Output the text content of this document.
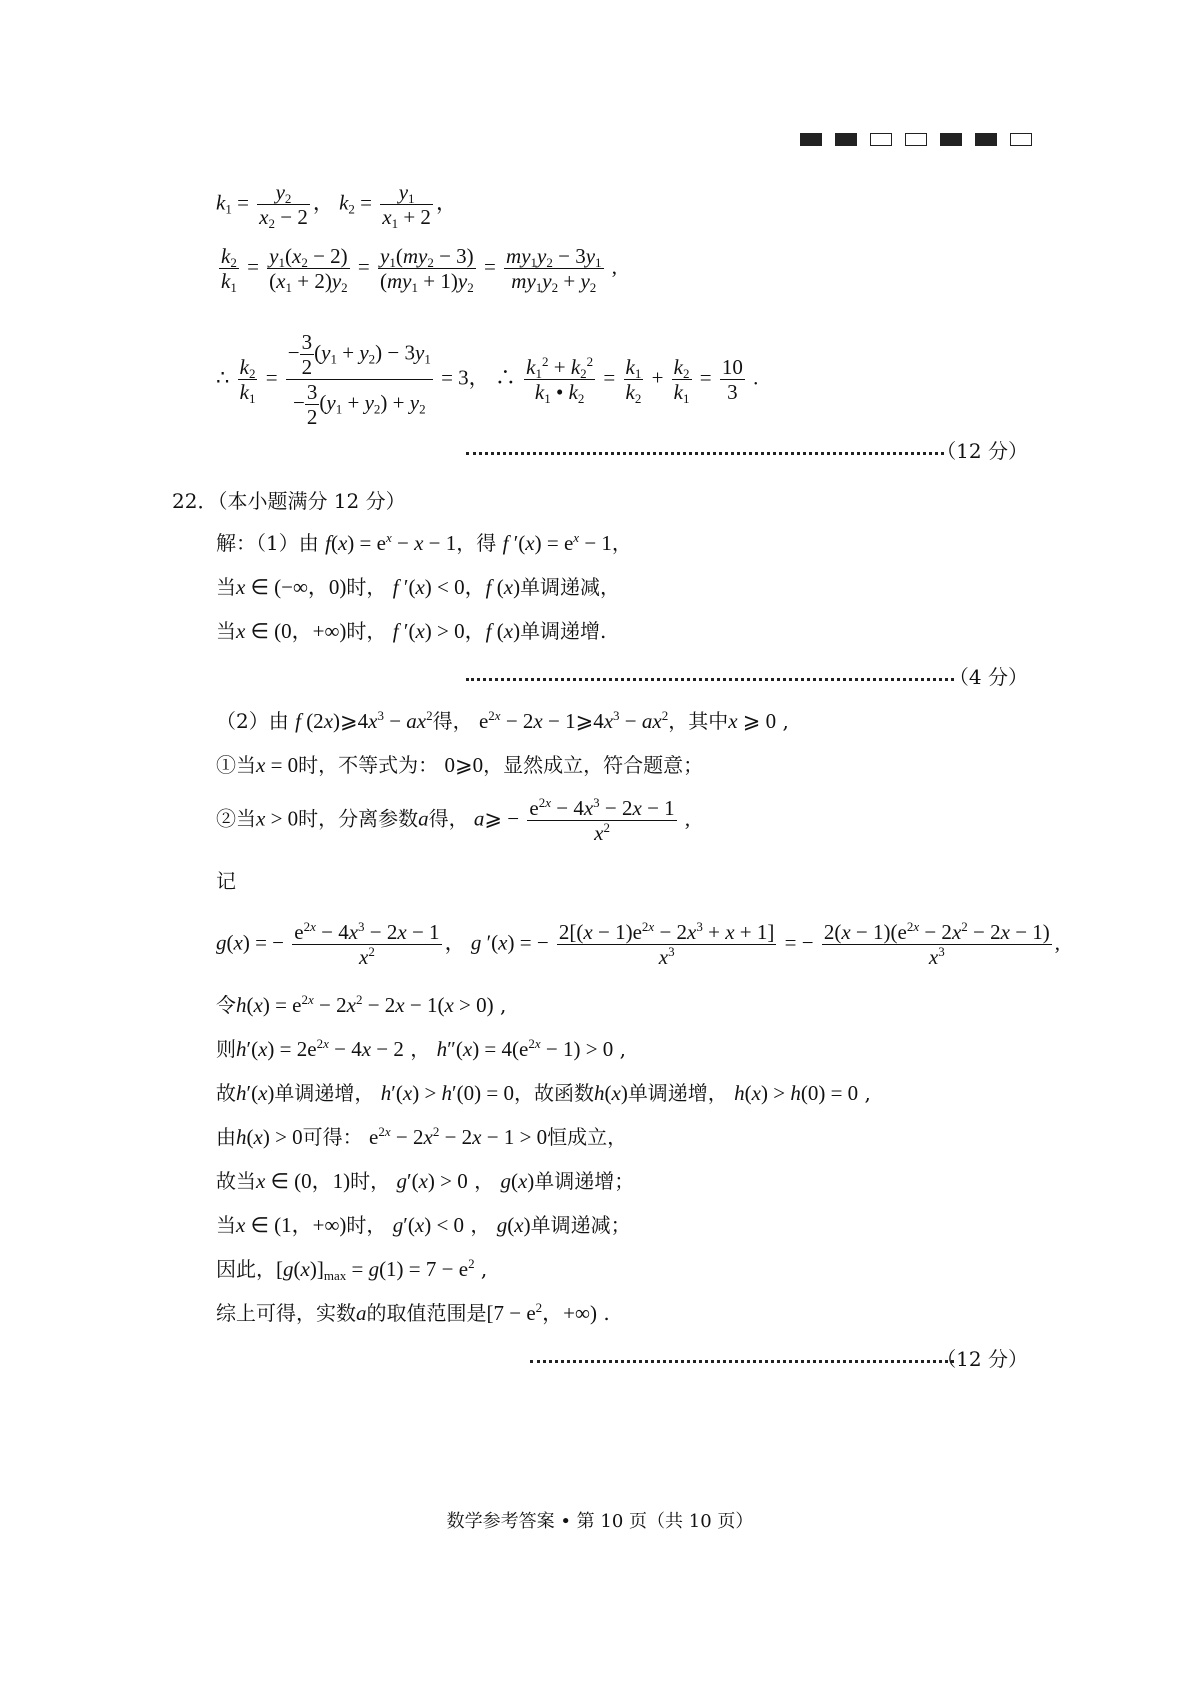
$k_1 = \frac{y_2}{x_2 - 2}$ ， $k_2 = \frac{y_1}{x_1 + 2}$ ，
$\frac{k_2}{k_1} = \frac{y_1(x_2 - 2)}{(x_1 + 2)y_2} = \frac{y_1(my_2 - 3)}{(my_1 + 1)y_2} = \frac{my_1y_2 - 3y_1}{my_1y_2 + y_2}$ ,
∴ $\frac{k_2}{k_1} = \frac{- \frac{3}{2} (y_1 + y_2) - 3y_1}{- \frac{3}{2} (y_1 + y_2) + y_2} = 3$， ∴ $\frac{k_1^2 + k_2^2}{k_1 • k_2} = \frac{k_1}{k_2} + \frac{k_2}{k_1} = \frac{10}{3}$ .
（12 分）
22．（本小题满分 12 分）
解：（1）由 $f(x) = e^x - x - 1$，得 f $'(x) = e^x - 1$，
当x ∈ (−∞，0)时， f ′(x) < 0，f (x)单调递减，
当x ∈ (0，+∞)时， f ′(x) > 0，f (x)单调递增.
（4 分）
（2）由 f $(2x)⩾4x^3 - ax^2$得， $e^{2x} - 2x$ − $1⩾4x^3 - ax^2$，其中x ⩾ 0 ,
①当x = 0时，不等式为： 0⩾0，显然成立，符合题意；
②当x > 0时，分离参数a得， a⩾ − $\frac{e^{2x} - 4x^3 - 2x - 1}{x^2}$ ,
记
g(x) = − $\frac{e^{2x} - 4x^3 - 2x - 1}{x^2}$ ， g ′(x) = − $\frac{2[(x - 1)e^{2x} - 2x^3 + x + 1]}{x^3}$ = − $\frac{2(x - 1)(e^{2x} - 2x^2 - 2x - 1)}{x^3}$ ,
令$h(x) = e^{2x} - 2x^2 - 2x - 1(x > 0)$ ,
则$h'(x) = 2e^{2x} - 4x - 2$ ， $h''(x) = 4(e^{2x} - 1) > 0$ ,
故h′(x)单调递增， h′(x) > h′(0) = 0，故函数h(x)单调递增， h(x) > h(0) = 0 ,
由h(x) > 0可得： $e^{2x} - 2x^2 - 2x - 1 > 0$恒成立，
故当x ∈ (0，1)时， g′(x) > 0 ， g(x)单调递增；
当x ∈ (1，+∞)时， g′(x) < 0 ， g(x)单调递减；
因此，$[g(x)]_{max} = g(1) = 7 - e^2$ ,
综上可得，实数a的取值范围是[$7 - e^2$，+∞) .
（12 分）
数学参考答案 • 第 10 页（共 10 页）
